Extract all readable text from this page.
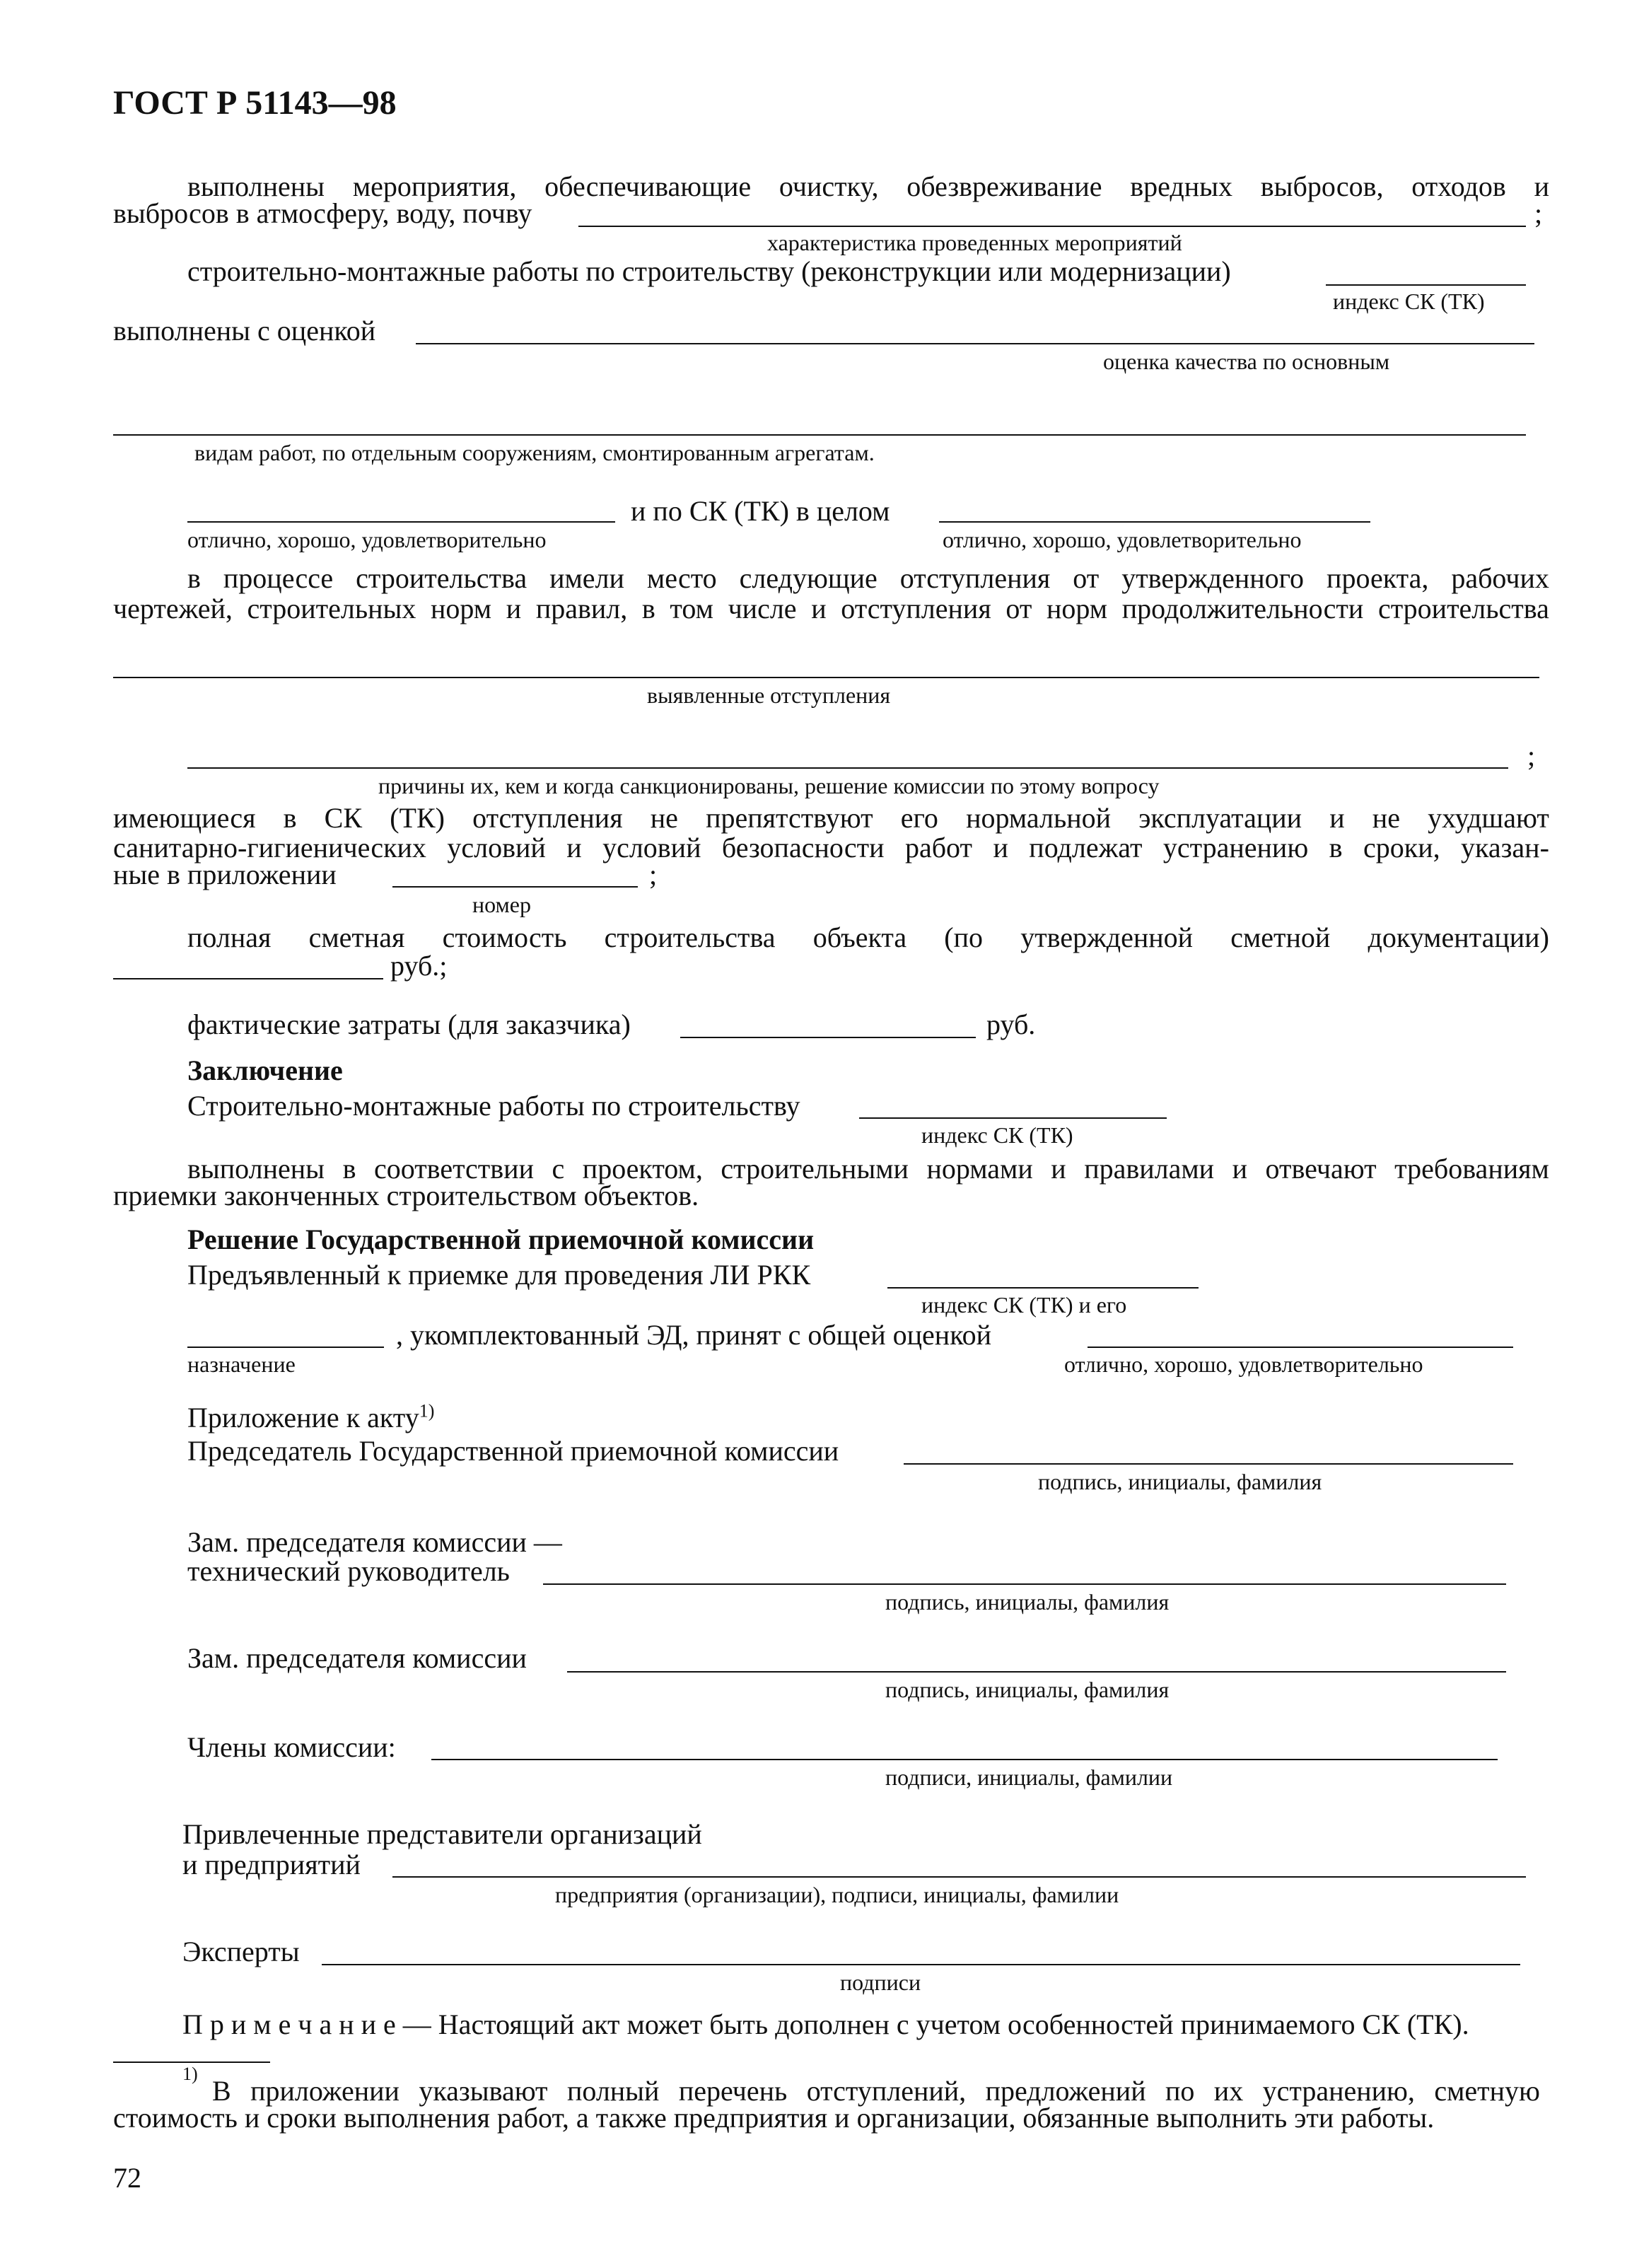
ГОСТ Р 51143—98
выполнены мероприятия, обеспечивающие очистку, обезвреживание вредных выбросов, отходов и
выбросов в атмосферу, воду, почву	;
характеристика проведенных мероприятий
строительно-монтажные работы по строительству (реконструкции или модернизации)
индекс СК (ТК)
выполнены с оценкой
оценка качества по основным
видам работ, по отдельным сооружениям, смонтированным агрегатам.
и по СК (ТК) в целом
отлично, хорошо, удовлетворительно	отлично, хорошо, удовлетворительно
в процессе строительства имели место следующие отступления от утвержденного проекта, рабочих
чертежей, строительных норм и правил, в том числе и отступления от норм продолжительности строительства
выявленные отступления
;
причины их, кем и когда санкционированы, решение комиссии по этому вопросу
имеющиеся в СК (ТК) отступления не препятствуют его нормальной эксплуатации и не ухудшают
санитарно-гигиенических условий и условий безопасности работ и подлежат устранению в сроки, указан-
ные в приложении	;
номер
полная сметная стоимость строительства объекта (по утвержденной сметной документации)
руб.;
фактические затраты (для заказчика)	руб.
Заключение
Строительно-монтажные работы по строительству
индекс СК (ТК)
выполнены в соответствии с проектом, строительными нормами и правилами и отвечают требованиям
приемки законченных строительством объектов.
Решение Государственной приемочной комиссии
Предъявленный к приемке для проведения ЛИ РКК
индекс СК (ТК) и его
, укомплектованный ЭД, принят с общей оценкой
назначение	отлично, хорошо, удовлетворительно
Приложение к акту$^{1)}$
Председатель Государственной приемочной комиссии
подпись, инициалы, фамилия
Зам. председателя комиссии —
технический руководитель
подпись, инициалы, фамилия
Зам. председателя комиссии
подпись, инициалы, фамилия
Члены комиссии:
подписи, инициалы, фамилии
Привлеченные представители организаций
и предприятий
предприятия (организации), подписи, инициалы, фамилии
Эксперты
подписи
П р и м е ч а н и е — Настоящий акт может быть дополнен с учетом особенностей принимаемого СК (ТК).
1)
В приложении указывают полный перечень отступлений, предложений по их устранению, сметную
стоимость и сроки выполнения работ, а также предприятия и организации, обязанные выполнить эти работы.
72
